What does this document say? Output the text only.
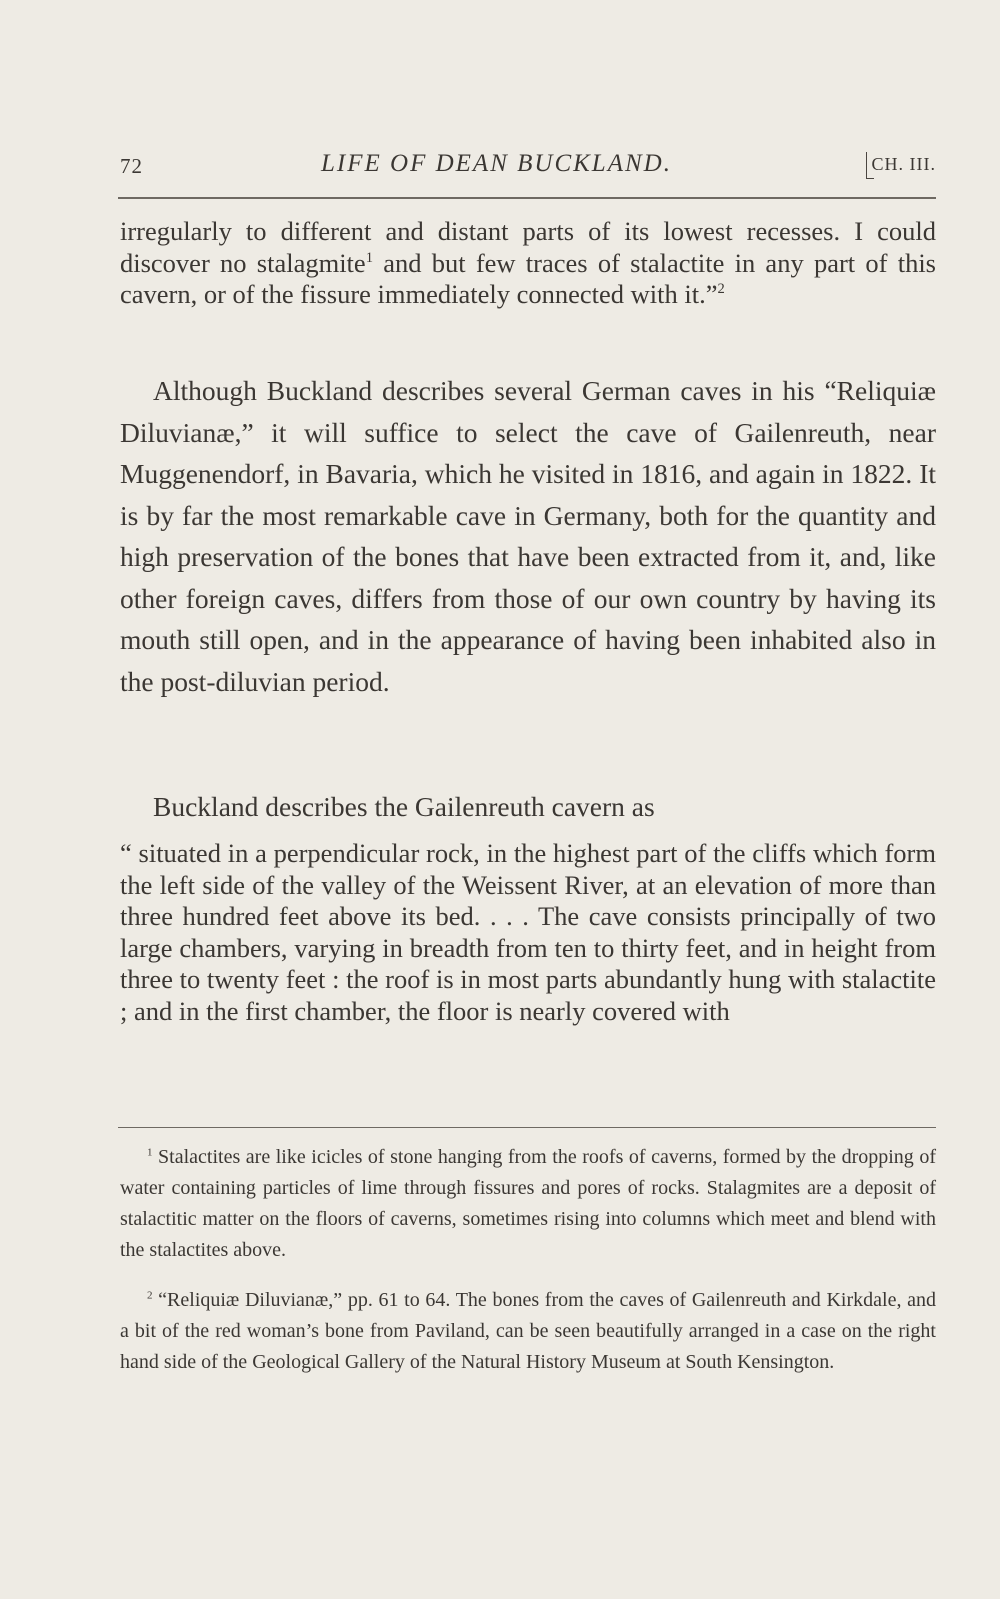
72	LIFE OF DEAN BUCKLAND.	CH. III.
irregularly to different and distant parts of its lowest recesses. I could discover no stalagmite$^1$ and but few traces of stalactite in any part of this cavern, or of the fissure immediately connected with it.”$^2$
Although Buckland describes several German caves in his “Reliquiæ Diluvianæ,” it will suffice to select the cave of Gailenreuth, near Muggenendorf, in Bavaria, which he visited in 1816, and again in 1822. It is by far the most remarkable cave in Germany, both for the quantity and high preservation of the bones that have been extracted from it, and, like other foreign caves, differs from those of our own country by having its mouth still open, and in the appearance of having been inhabited also in the post-diluvian period.
Buckland describes the Gailenreuth cavern as
“ situated in a perpendicular rock, in the highest part of the cliffs which form the left side of the valley of the Weissent River, at an elevation of more than three hundred feet above its bed. . . . The cave consists principally of two large chambers, varying in breadth from ten to thirty feet, and in height from three to twenty feet : the roof is in most parts abundantly hung with stalactite ; and in the first chamber, the floor is nearly covered with
$^1$ Stalactites are like icicles of stone hanging from the roofs of caverns, formed by the dropping of water containing particles of lime through fissures and pores of rocks. Stalagmites are a deposit of stalactitic matter on the floors of caverns, sometimes rising into columns which meet and blend with the stalactites above.
$^2$ “Reliquiæ Diluvianæ,” pp. 61 to 64. The bones from the caves of Gailenreuth and Kirkdale, and a bit of the red woman’s bone from Paviland, can be seen beautifully arranged in a case on the right hand side of the Geological Gallery of the Natural History Museum at South Kensington.
